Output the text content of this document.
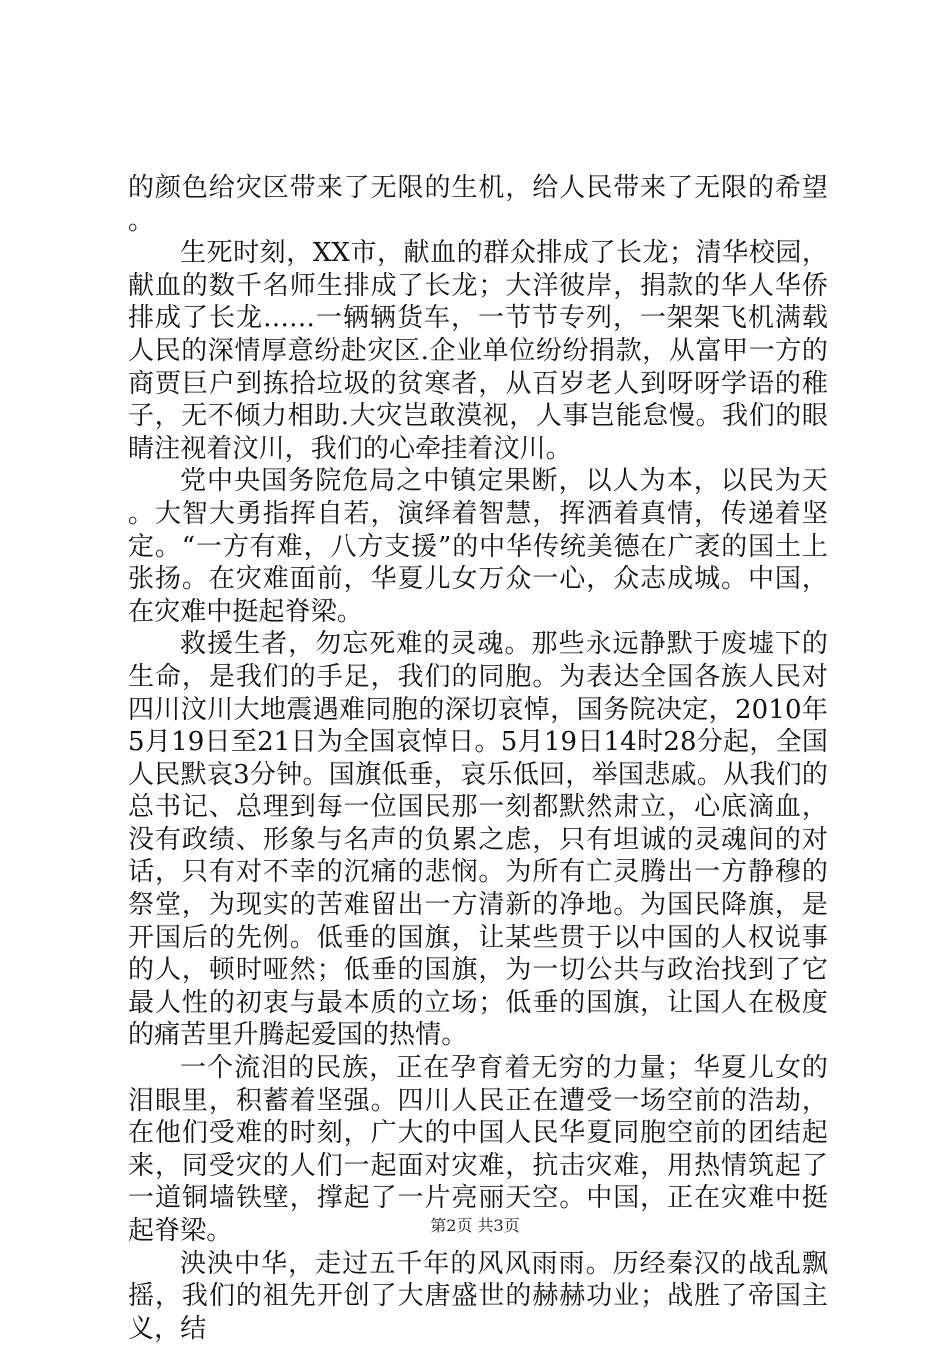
的颜色给灾区带来了无限的生机，给人民带来了无限的希望。

生死时刻，XX市，献血的群众排成了长龙；清华校园，献血的数千名师生排成了长龙；大洋彼岸，捐款的华人华侨排成了长龙……一辆辆货车，一节节专列，一架架飞机满载人民的深情厚意纷赴灾区.企业单位纷纷捐款，从富甲一方的商贾巨户到拣拾垃圾的贫寒者，从百岁老人到呀呀学语的稚子，无不倾力相助.大灾岂敢漠视，人事岂能怠慢。我们的眼睛注视着汶川，我们的心牵挂着汶川。

党中央国务院危局之中镇定果断，以人为本，以民为天。大智大勇指挥自若，演绎着智慧，挥洒着真情，传递着坚定。“一方有难，八方支援”的中华传统美德在广袤的国土上张扬。在灾难面前，华夏儿女万众一心，众志成城。中国，在灾难中挺起脊梁。

救援生者，勿忘死难的灵魂。那些永远静默于废墟下的生命，是我们的手足，我们的同胞。为表达全国各族人民对四川汶川大地震遇难同胞的深切哀悼，国务院决定，2010年5月19日至21日为全国哀悼日。5月19日14时28分起，全国人民默哀3分钟。国旗低垂，哀乐低回，举国悲戚。从我们的总书记、总理到每一位国民那一刻都默然肃立，心底滴血，没有政绩、形象与名声的负累之虑，只有坦诚的灵魂间的对话，只有对不幸的沉痛的悲悯。为所有亡灵腾出一方静穆的祭堂，为现实的苦难留出一方清新的净地。为国民降旗，是开国后的先例。低垂的国旗，让某些贯于以中国的人权说事的人，顿时哑然；低垂的国旗，为一切公共与政治找到了它最人性的初衷与最本质的立场；低垂的国旗，让国人在极度的痛苦里升腾起爱国的热情。

一个流泪的民族，正在孕育着无穷的力量；华夏儿女的泪眼里，积蓄着坚强。四川人民正在遭受一场空前的浩劫，在他们受难的时刻，广大的中国人民华夏同胞空前的团结起来，同受灾的人们一起面对灾难，抗击灾难，用热情筑起了一道铜墙铁壁，撑起了一片亮丽天空。中国，正在灾难中挺起脊梁。

泱泱中华，走过五千年的风风雨雨。历经秦汉的战乱飘摇，我们的祖先开创了大唐盛世的赫赫功业；战胜了帝国主义，结

第2页 共3页
